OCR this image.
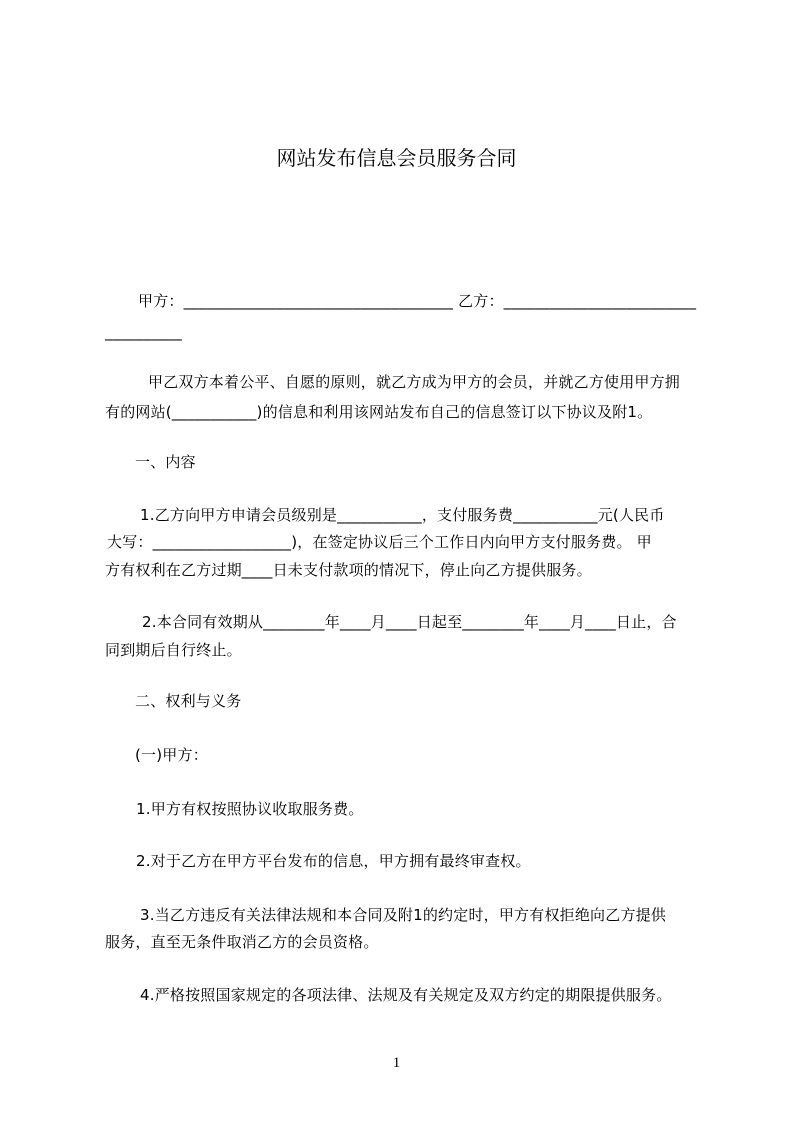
网站发布信息会员服务合同
甲方：___________________________________ 乙方：_________________________
__________
甲乙双方本着公平、自愿的原则，就乙方成为甲方的会员，并就乙方使用甲方拥
有的网站(___________)的信息和利用该网站发布自己的信息签订以下协议及附1。
一、内容
1.乙方向甲方申请会员级别是___________，支付服务费___________元(人民币
大写：__________________)，在签定协议后三个工作日内向甲方支付服务费。 甲
方有权利在乙方过期____日未支付款项的情况下，停止向乙方提供服务。
2.本合同有效期从________年____月____日起至________年____月____日止，合
同到期后自行终止。
二、权利与义务
(一)甲方：
1.甲方有权按照协议收取服务费。
2.对于乙方在甲方平台发布的信息，甲方拥有最终审查权。
3.当乙方违反有关法律法规和本合同及附1的约定时，甲方有权拒绝向乙方提供
服务，直至无条件取消乙方的会员资格。
4.严格按照国家规定的各项法律、法规及有关规定及双方约定的期限提供服务。
1
